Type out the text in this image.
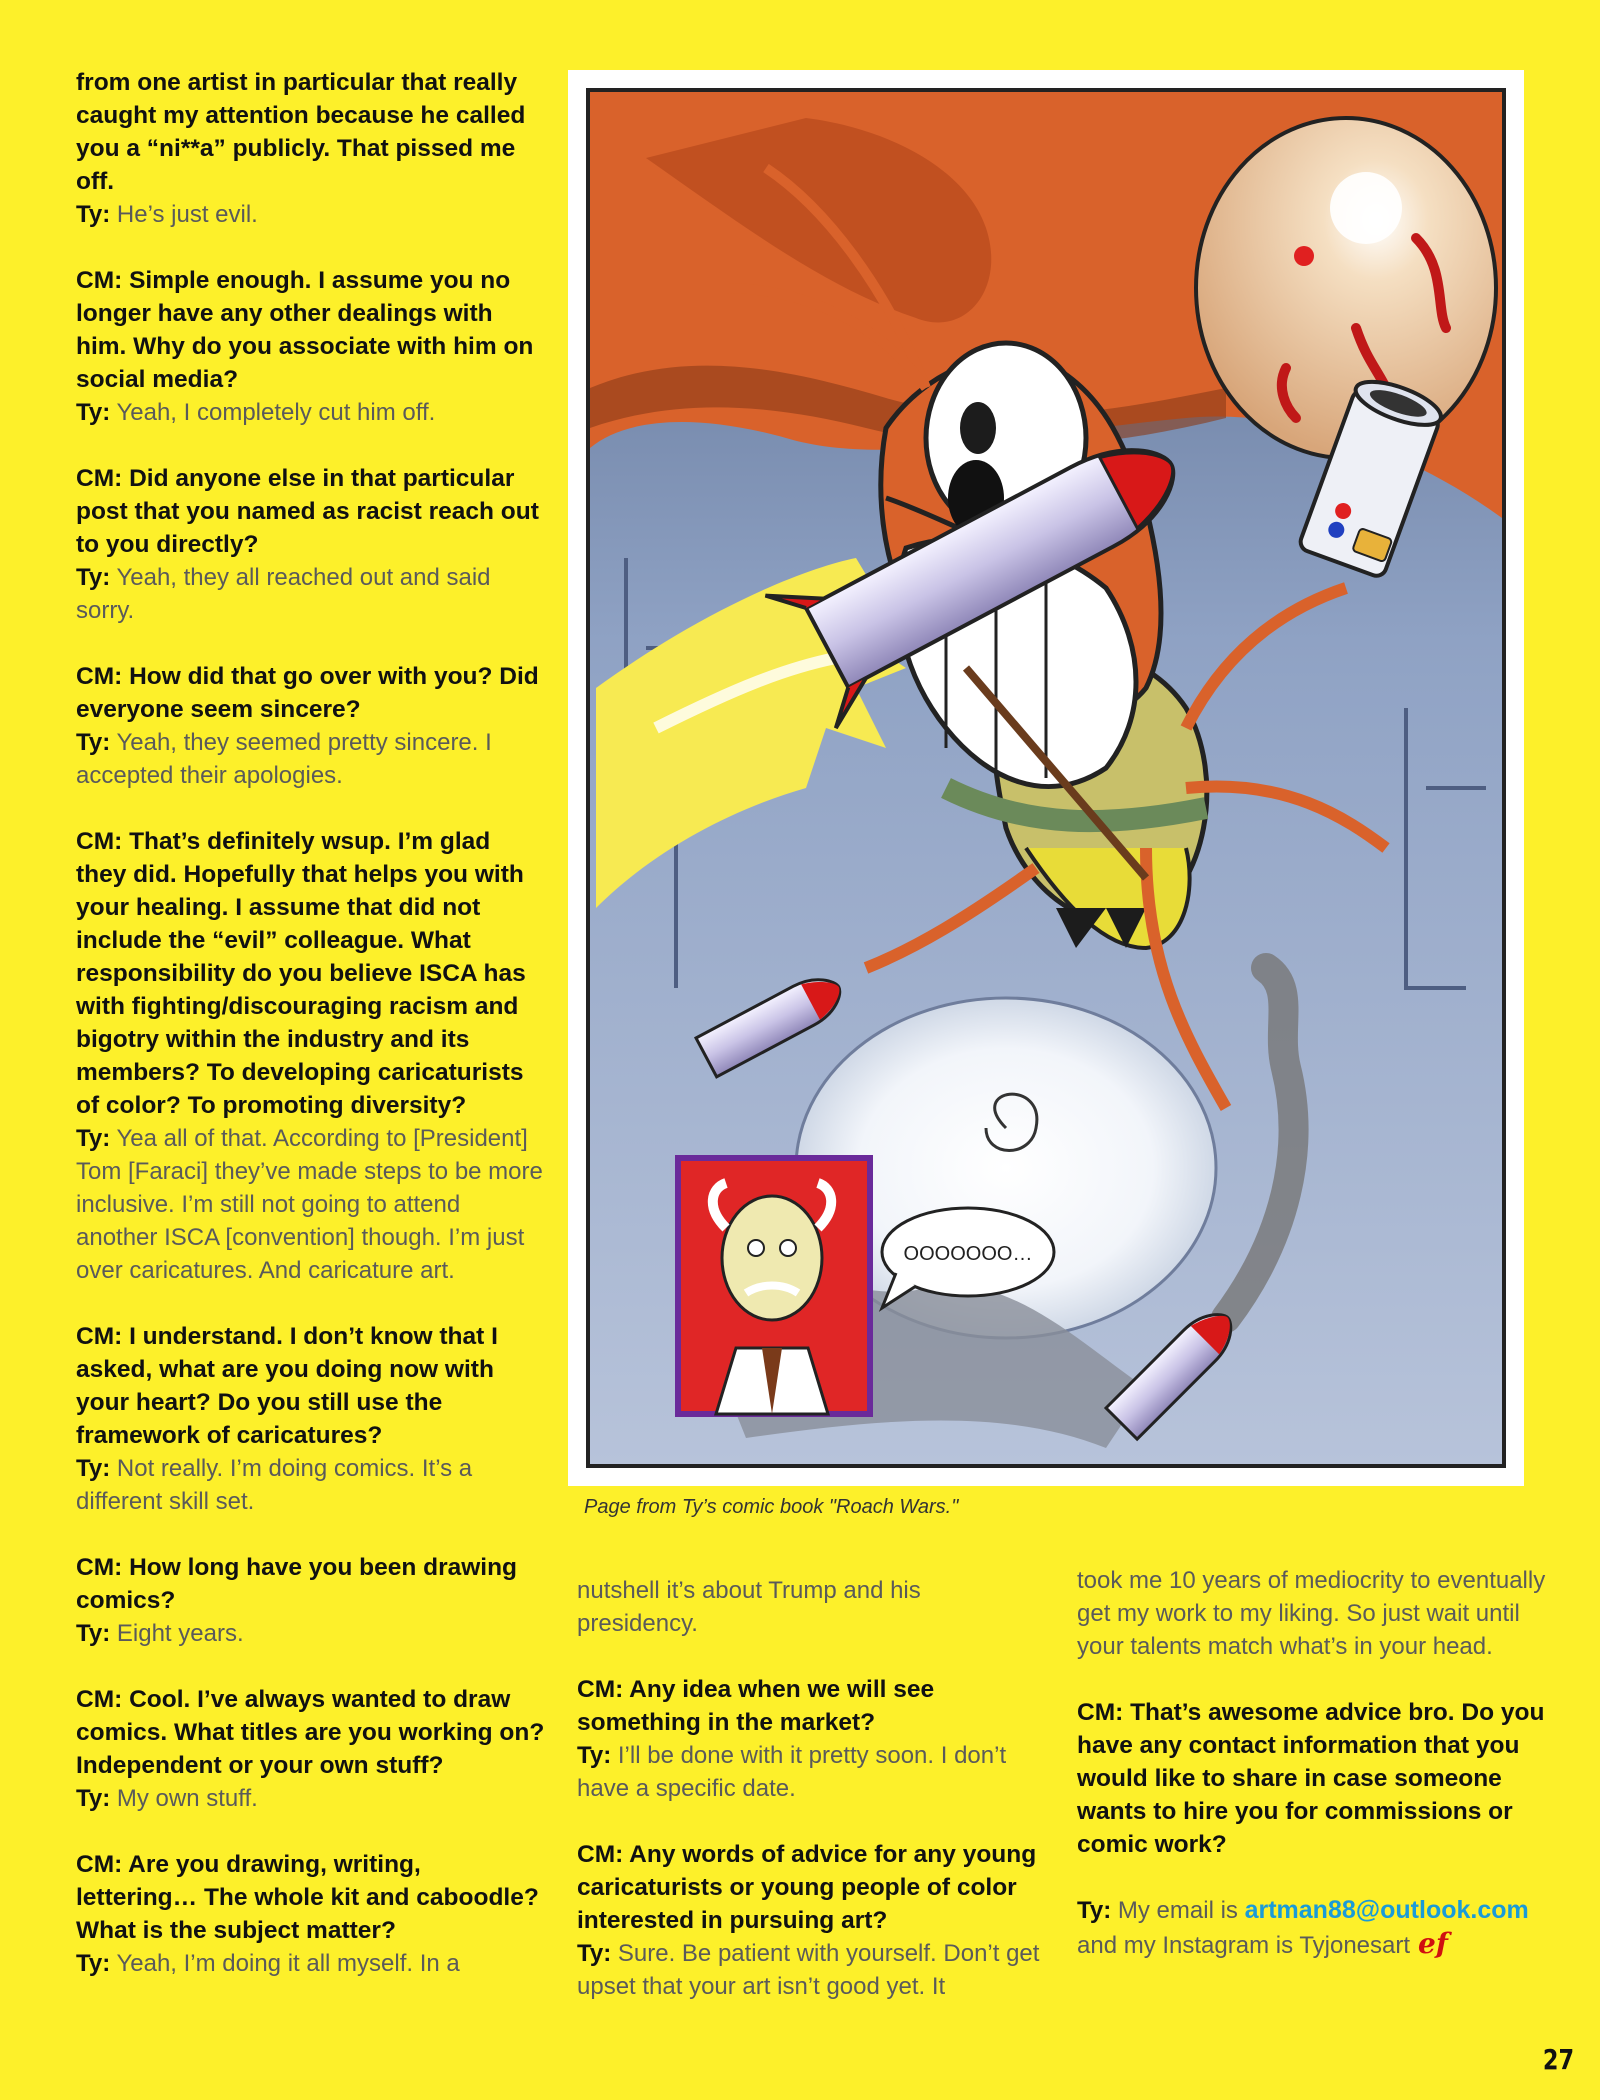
from one artist in particular that really caught my attention because he called you a “ni**a” publicly. That pissed me off.

Ty: He’s just evil.

CM: Simple enough. I assume you no longer have any other dealings with him. Why do you associate with him on social media?

Ty: Yeah, I completely cut him off.

CM: Did anyone else in that particular post that you named as racist reach out to you directly?

Ty: Yeah, they all reached out and said sorry.

CM: How did that go over with you? Did everyone seem sincere?

Ty: Yeah, they seemed pretty sincere. I accepted their apologies.

CM: That’s definitely wsup. I’m glad they did. Hopefully that helps you with your healing. I assume that did not include the “evil” colleague. What responsibility do you believe ISCA has with fighting/discouraging racism and bigotry within the industry and its members? To developing caricaturists of color? To promoting diversity?

Ty: Yea all of that. According to [President] Tom [Faraci] they’ve made steps to be more inclusive. I’m still not going to attend another ISCA [convention] though. I’m just over caricatures. And caricature art.

CM: I understand. I don’t know that I asked, what are you doing now with your heart? Do you still use the framework of caricatures?

Ty: Not really. I’m doing comics. It’s a different skill set.

CM: How long have you been drawing comics?

Ty: Eight years.

CM: Cool. I’ve always wanted to draw comics. What titles are you working on? Independent or your own stuff?

Ty: My own stuff.

CM: Are you drawing, writing, lettering… The whole kit and caboodle? What is the subject matter?

Ty: Yeah, I’m doing it all myself. In a

OOOOOOO…
Page from Ty’s comic book "Roach Wars."

nutshell it’s about Trump and his presidency.

CM: Any idea when we will see something in the market?

Ty: I’ll be done with it pretty soon. I don’t have a specific date.

CM: Any words of advice for any young caricaturists or young people of color interested in pursuing art?

Ty: Sure. Be patient with yourself. Don’t get upset that your art isn’t good yet. It

took me 10 years of mediocrity to eventually get my work to my liking. So just wait until your talents match what’s in your head.

CM: That’s awesome advice bro. Do you have any contact information that you would like to share in case someone wants to hire you for commissions or comic work?

Ty: My email is artman88@outlook.com and my Instagram is Tyjonesart ef

27
